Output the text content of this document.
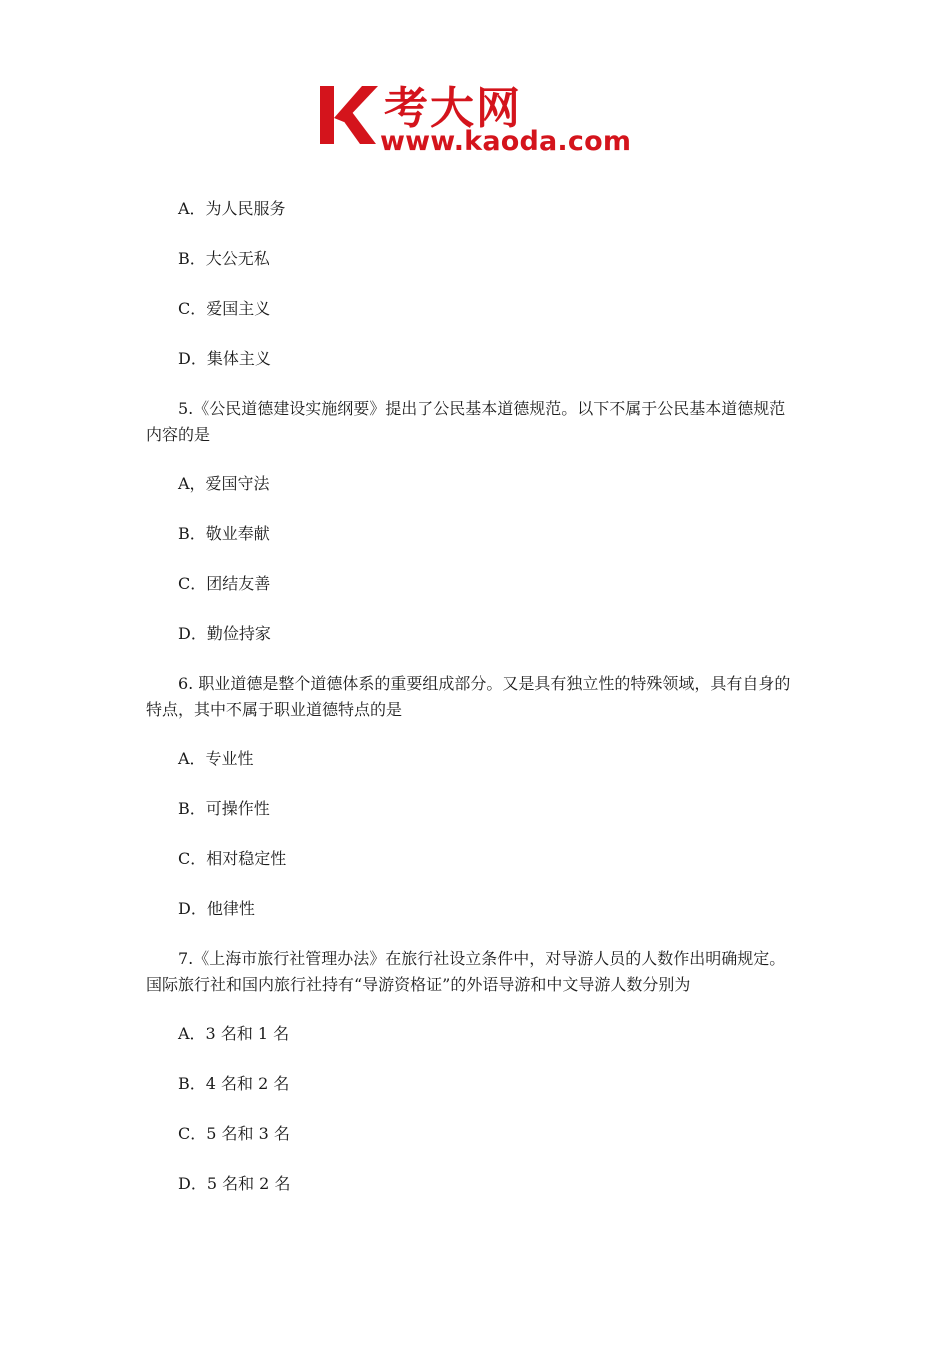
考大网
www.kaoda.com
A．为人民服务
B．大公无私
C．爱国主义
D．集体主义
5.《公民道德建设实施纲要》提出了公民基本道德规范。以下不属于公民基本道德规范
内容的是
A，爱国守法
B．敬业奉献
C．团结友善
D．勤俭持家
6. 职业道德是整个道德体系的重要组成部分。又是具有独立性的特殊领域，具有自身的
特点，其中不属于职业道德特点的是
A．专业性
B．可操作性
C．相对稳定性
D．他律性
7.《上海市旅行社管理办法》在旅行社设立条件中，对导游人员的人数作出明确规定。
国际旅行社和国内旅行社持有“导游资格证”的外语导游和中文导游人数分别为
A．3 名和 1 名
B．4 名和 2 名
C．5 名和 3 名
D．5 名和 2 名
